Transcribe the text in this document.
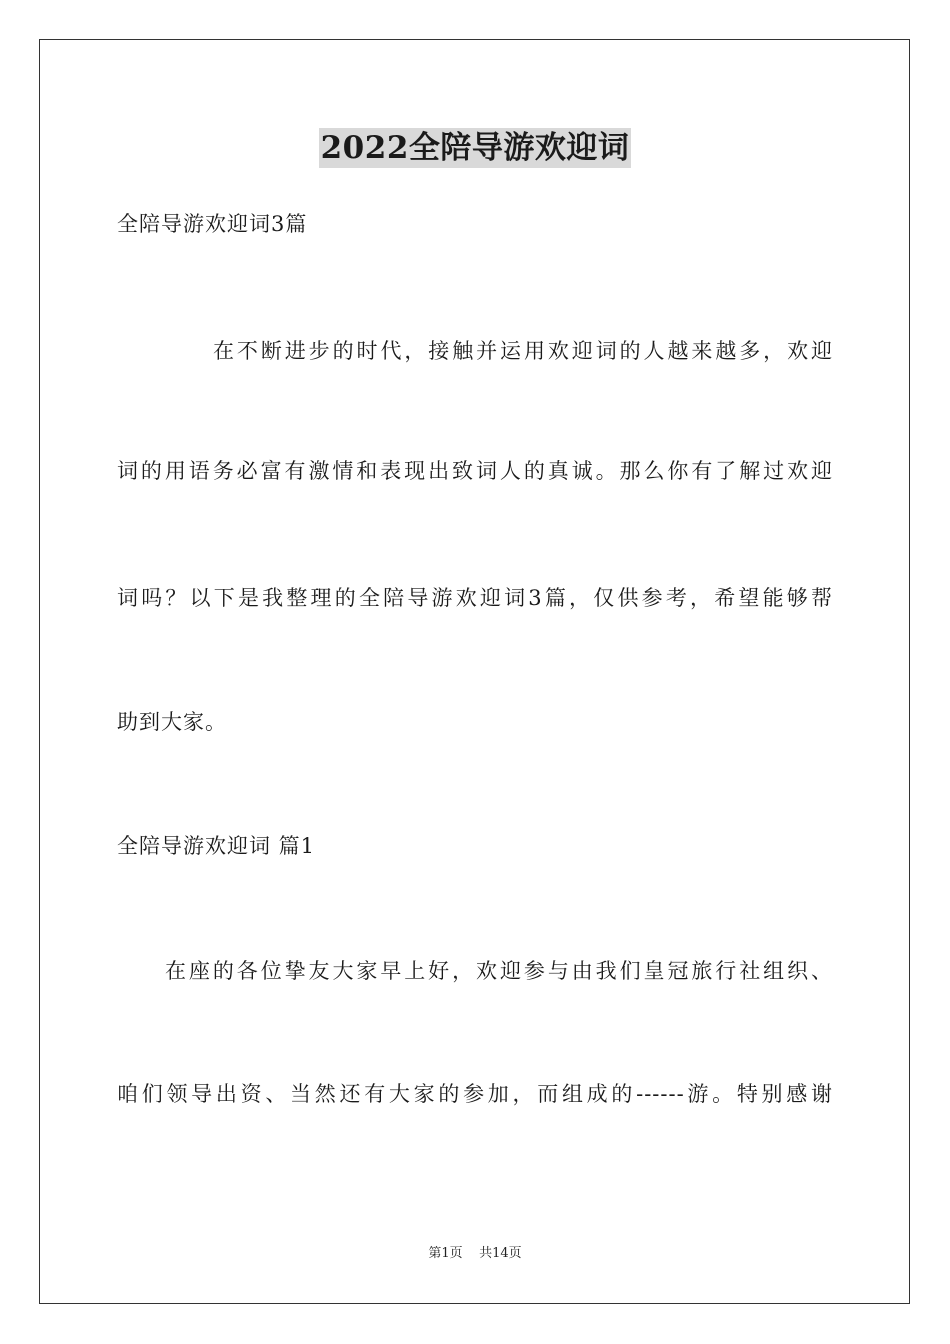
2022全陪导游欢迎词
全陪导游欢迎词3篇
在不断进步的时代，接触并运用欢迎词的人越来越多，欢迎
词的用语务必富有激情和表现出致词人的真诚。那么你有了解过欢迎
词吗？以下是我整理的全陪导游欢迎词3篇，仅供参考，希望能够帮
助到大家。
全陪导游欢迎词 篇1
在座的各位挚友大家早上好，欢迎参与由我们皇冠旅行社组织、
咱们领导出资、当然还有大家的参加，而组成的------游。特别感谢
第1页 共14页
